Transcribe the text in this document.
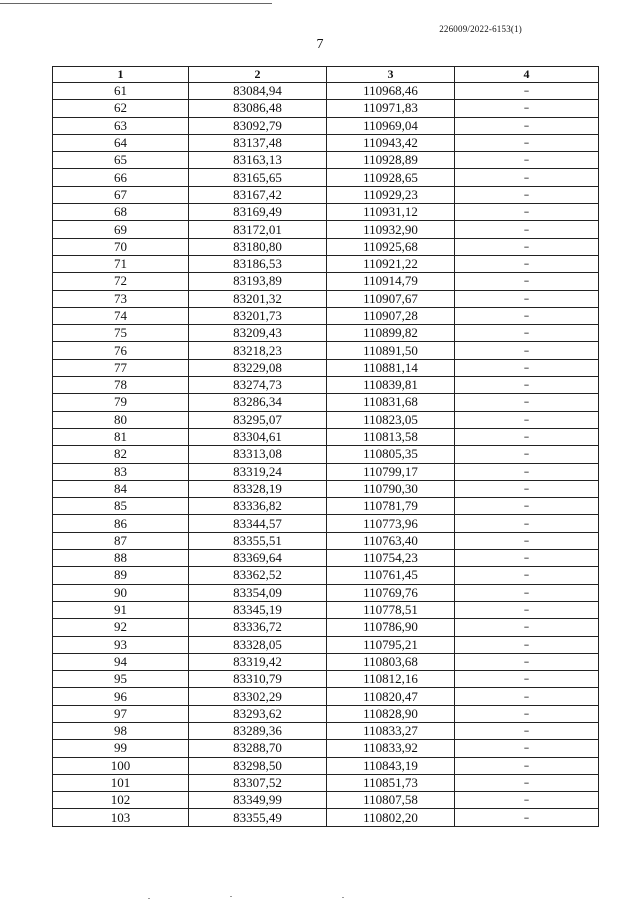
226009/2022-6153(1)
7
1	2	3	4
61	83084,94	110968,46	–
62	83086,48	110971,83	–
63	83092,79	110969,04	–
64	83137,48	110943,42	–
65	83163,13	110928,89	–
66	83165,65	110928,65	–
67	83167,42	110929,23	–
68	83169,49	110931,12	–
69	83172,01	110932,90	–
70	83180,80	110925,68	–
71	83186,53	110921,22	–
72	83193,89	110914,79	–
73	83201,32	110907,67	–
74	83201,73	110907,28	–
75	83209,43	110899,82	–
76	83218,23	110891,50	–
77	83229,08	110881,14	–
78	83274,73	110839,81	–
79	83286,34	110831,68	–
80	83295,07	110823,05	–
81	83304,61	110813,58	–
82	83313,08	110805,35	–
83	83319,24	110799,17	–
84	83328,19	110790,30	–
85	83336,82	110781,79	–
86	83344,57	110773,96	–
87	83355,51	110763,40	–
88	83369,64	110754,23	–
89	83362,52	110761,45	–
90	83354,09	110769,76	–
91	83345,19	110778,51	–
92	83336,72	110786,90	–
93	83328,05	110795,21	–
94	83319,42	110803,68	–
95	83310,79	110812,16	–
96	83302,29	110820,47	–
97	83293,62	110828,90	–
98	83289,36	110833,27	–
99	83288,70	110833,92	–
100	83298,50	110843,19	–
101	83307,52	110851,73	–
102	83349,99	110807,58	–
103	83355,49	110802,20	–
